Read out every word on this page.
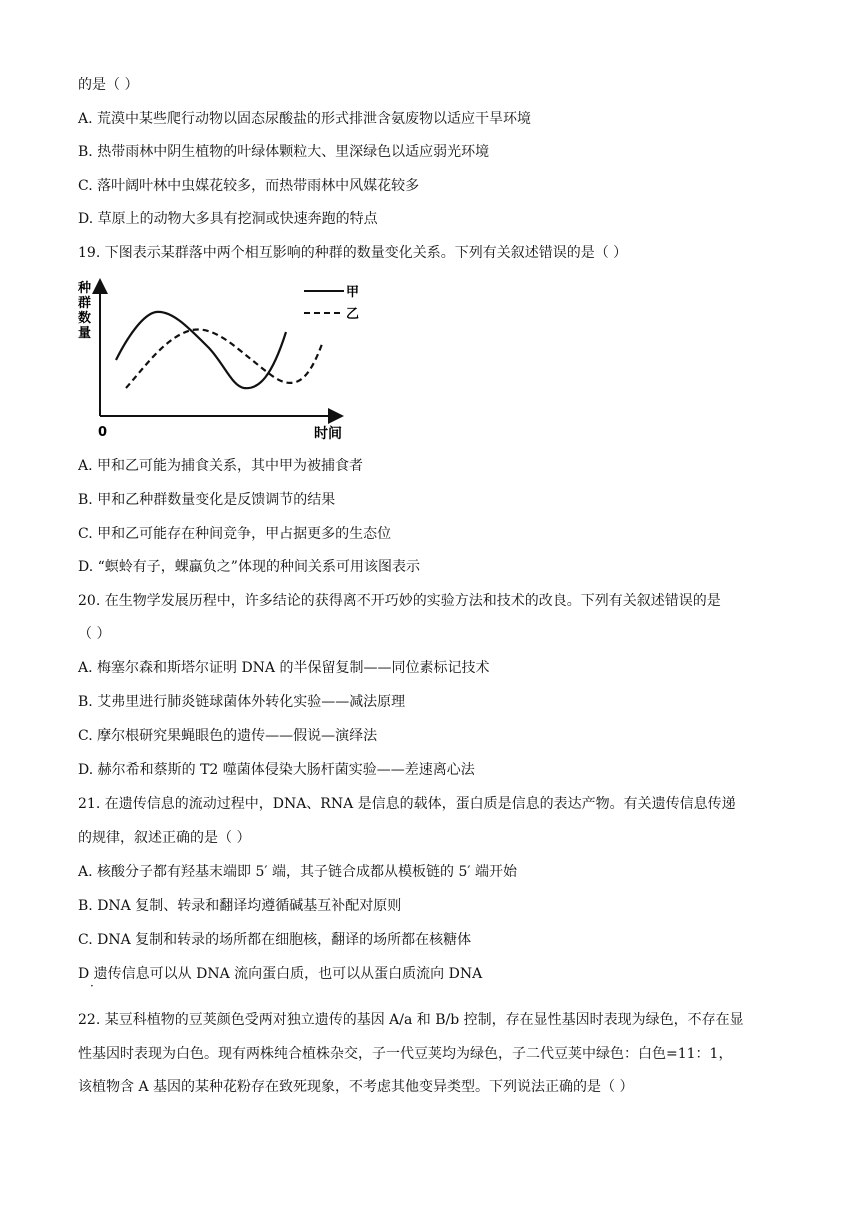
的是（ ）
A. 荒漠中某些爬行动物以固态尿酸盐的形式排泄含氨废物以适应干旱环境
B. 热带雨林中阴生植物的叶绿体颗粒大、里深绿色以适应弱光环境
C. 落叶阔叶林中虫媒花较多，而热带雨林中风媒花较多
D. 草原上的动物大多具有挖洞或快速奔跑的特点
19. 下图表示某群落中两个相互影响的种群的数量变化关系。下列有关叙述错误的是（ ）
种群数量
时间
0
甲
乙
A. 甲和乙可能为捕食关系，其中甲为被捕食者
B. 甲和乙种群数量变化是反馈调节的结果
C. 甲和乙可能存在种间竞争，甲占据更多的生态位
D. “螟蛉有子，蜾蠃负之”体现的种间关系可用该图表示
20. 在生物学发展历程中，许多结论的获得离不开巧妙的实验方法和技术的改良。下列有关叙述错误的是
（ ）
A. 梅塞尔森和斯塔尔证明 DNA 的半保留复制——同位素标记技术
B. 艾弗里进行肺炎链球菌体外转化实验——减法原理
C. 摩尔根研究果蝇眼色的遗传——假说—演绎法
D. 赫尔希和蔡斯的 T2 噬菌体侵染大肠杆菌实验——差速离心法
21. 在遗传信息的流动过程中，DNA、RNA 是信息的载体，蛋白质是信息的表达产物。有关遗传信息传递
的规律，叙述正确的是（ ）
A. 核酸分子都有羟基末端即 5′ 端，其子链合成都从模板链的 5′ 端开始
B. DNA 复制、转录和翻译均遵循碱基互补配对原则
C. DNA 复制和转录的场所都在细胞核，翻译的场所都在核糖体
D 遗传信息可以从 DNA 流向蛋白质，也可以从蛋白质流向 DNA
·
22. 某豆科植物的豆荚颜色受两对独立遗传的基因 A/a 和 B/b 控制，存在显性基因时表现为绿色，不存在显
性基因时表现为白色。现有两株纯合植株杂交，子一代豆荚均为绿色，子二代豆荚中绿色：白色=11：1，
该植物含 A 基因的某种花粉存在致死现象，不考虑其他变异类型。下列说法正确的是（ ）
